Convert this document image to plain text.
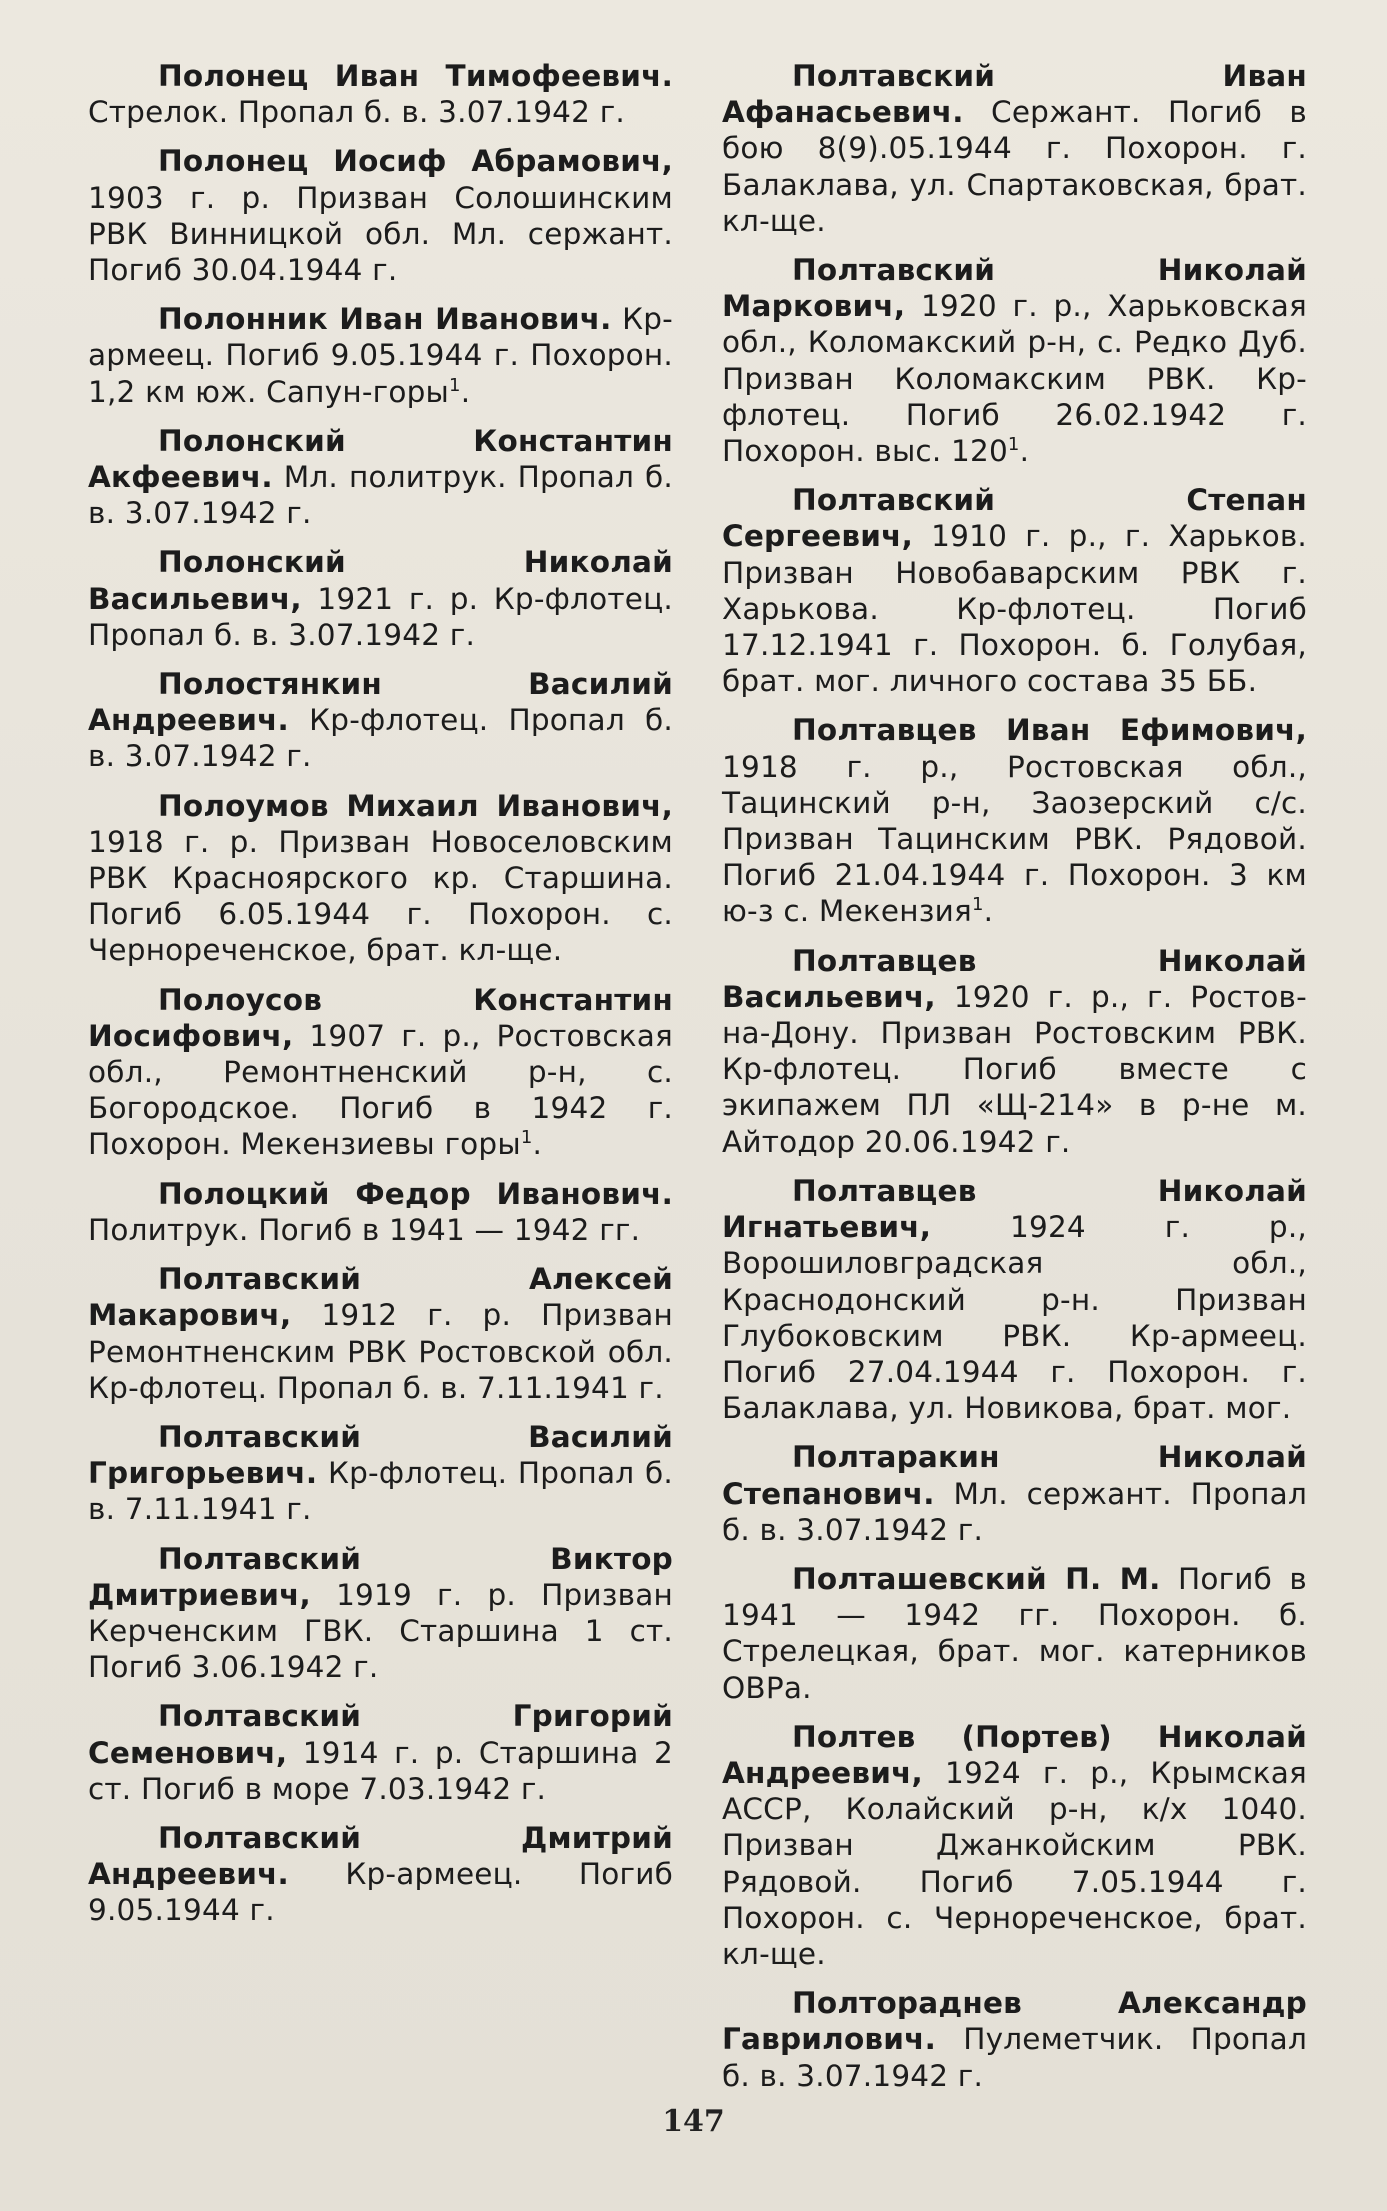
Полонец Иван Тимофеевич. Стрелок. Пропал б. в. 3.07.1942 г.

Полонец Иосиф Абрамович, 1903 г. р. Призван Солошинским РВК Винницкой обл. Мл. сержант. Погиб 30.04.1944 г.

Полонник Иван Иванович. Кр-армеец. Погиб 9.05.1944 г. Похорон. 1,2 км юж. Сапун-горы$^1$.

Полонский Константин Акфеевич. Мл. политрук. Пропал б. в. 3.07.1942 г.

Полонский Николай Васильевич, 1921 г. р. Кр-флотец. Пропал б. в. 3.07.1942 г.

Полостянкин Василий Андреевич. Кр-флотец. Пропал б. в. 3.07.1942 г.

Полоумов Михаил Иванович, 1918 г. р. Призван Новоселовским РВК Красноярского кр. Старшина. Погиб 6.05.1944 г. Похорон. с. Чернореченское, брат. кл-ще.

Полоусов Константин Иосифович, 1907 г. р., Ростовская обл., Ремонтненский р-н, с. Богородское. Погиб в 1942 г. Похорон. Мекензиевы горы$^1$.

Полоцкий Федор Иванович. Политрук. Погиб в 1941 — 1942 гг.

Полтавский Алексей Макарович, 1912 г. р. Призван Ремонтненским РВК Ростовской обл. Кр-флотец. Пропал б. в. 7.11.1941 г.

Полтавский Василий Григорьевич. Кр-флотец. Пропал б. в. 7.11.1941 г.

Полтавский Виктор Дмитриевич, 1919 г. р. Призван Керченским ГВК. Старшина 1 ст. Погиб 3.06.1942 г.

Полтавский Григорий Семенович, 1914 г. р. Старшина 2 ст. Погиб в море 7.03.1942 г.

Полтавский Дмитрий Андреевич. Кр-армеец. Погиб 9.05.1944 г.

Полтавский Иван Афанасьевич. Сержант. Погиб в бою 8(9).05.1944 г. Похорон. г. Балаклава, ул. Спартаковская, брат. кл-ще.

Полтавский Николай Маркович, 1920 г. р., Харьковская обл., Коломакский р-н, с. Редко Дуб. Призван Коломакским РВК. Кр-флотец. Погиб 26.02.1942 г. Похорон. выс. $120^1$.

Полтавский Степан Сергеевич, 1910 г. р., г. Харьков. Призван Новобаварским РВК г. Харькова. Кр-флотец. Погиб 17.12.1941 г. Похорон. б. Голубая, брат. мог. личного состава 35 ББ.

Полтавцев Иван Ефимович, 1918 г. р., Ростовская обл., Тацинский р-н, Заозерский с/с. Призван Тацинским РВК. Рядовой. Погиб 21.04.1944 г. Похорон. 3 км ю-з с. Мекензия$^1$.

Полтавцев Николай Васильевич, 1920 г. р., г. Ростов-на-Дону. Призван Ростовским РВК. Кр-флотец. Погиб вместе с экипажем ПЛ «Щ-214» в р-не м. Айтодор 20.06.1942 г.

Полтавцев Николай Игнатьевич, 1924 г. р., Ворошиловградская обл., Краснодонский р-н. Призван Глубоковским РВК. Кр-армеец. Погиб 27.04.1944 г. Похорон. г. Балаклава, ул. Новикова, брат. мог.

Полтаракин Николай Степанович. Мл. сержант. Пропал б. в. 3.07.1942 г.

Полташевский П. М. Погиб в 1941 — 1942 гг. Похорон. б. Стрелецкая, брат. мог. катерников ОВРа.

Полтев (Портев) Николай Андреевич, 1924 г. р., Крымская АССР, Колайский р-н, к/х 1040. Призван Джанкойским РВК. Рядовой. Погиб 7.05.1944 г. Похорон. с. Чернореченское, брат. кл-ще.

Полтораднев Александр Гаврилович. Пулеметчик. Пропал б. в. 3.07.1942 г.

147
